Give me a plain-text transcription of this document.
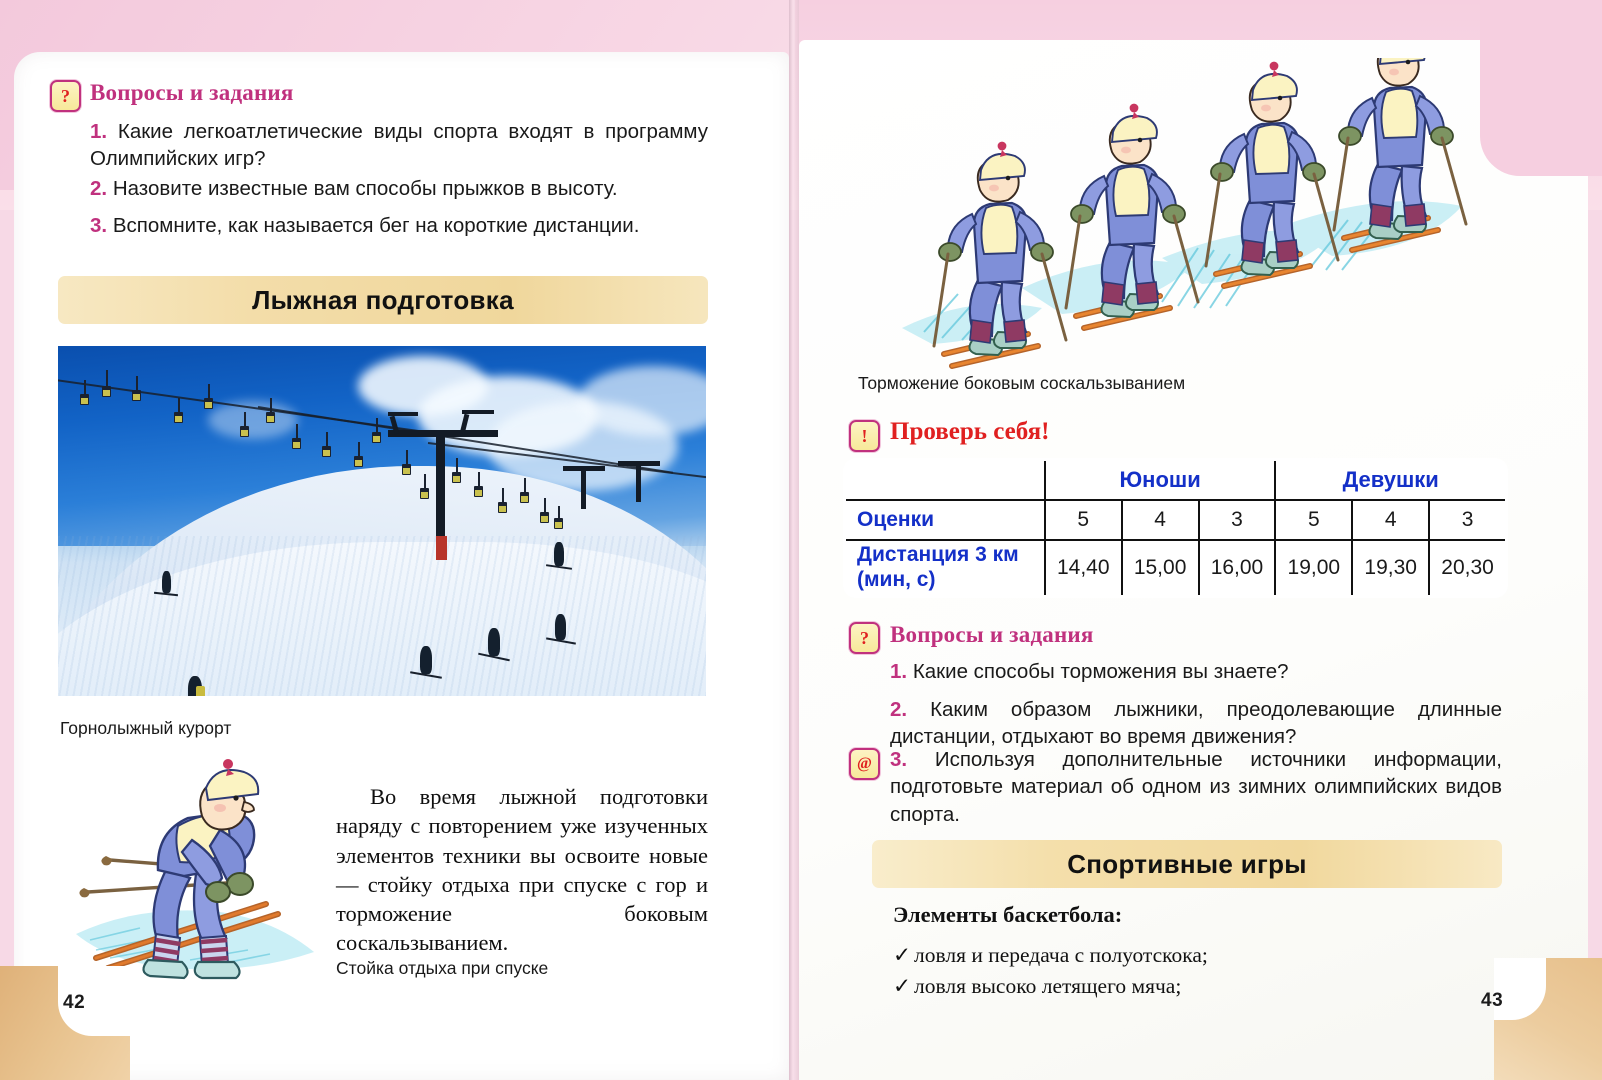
? Вопросы и задания
1. Какие легкоатлетические виды спорта входят в программу Олимпийских игр?
2. Назовите известные вам способы прыжков в высоту.
3. Вспомните, как называется бег на короткие дистанции.
Лыжная подготовка
Горнолыжный курорт
Во время лыжной подготовки наряду с повторением уже изученных элементов техники вы освоите новые — стойку отдыха при спуске с гор и торможение боковым соскальзыванием.
Стойка отдыха при спуске
42
Торможение боковым соскальзыванием
! Проверь себя!
	Юноши			Девушки		
Оценки	5	4	3	5	4	3

Дистанция 3 км
(мин, с)	14,40	15,00	16,00	19,00	19,30	20,30
? Вопросы и задания
1. Какие способы торможения вы знаете?
2. Каким образом лыжники, преодолевающие длинные дистанции, отдыхают во время движения?
@ 3. Используя дополнительные источники информации, подготовьте материал об одном из зимних олимпийских видов спорта.
Спортивные игры
Элементы баскетбола:
✓ ловля и передача с полуотскока;
✓ ловля высоко летящего мяча;
43
